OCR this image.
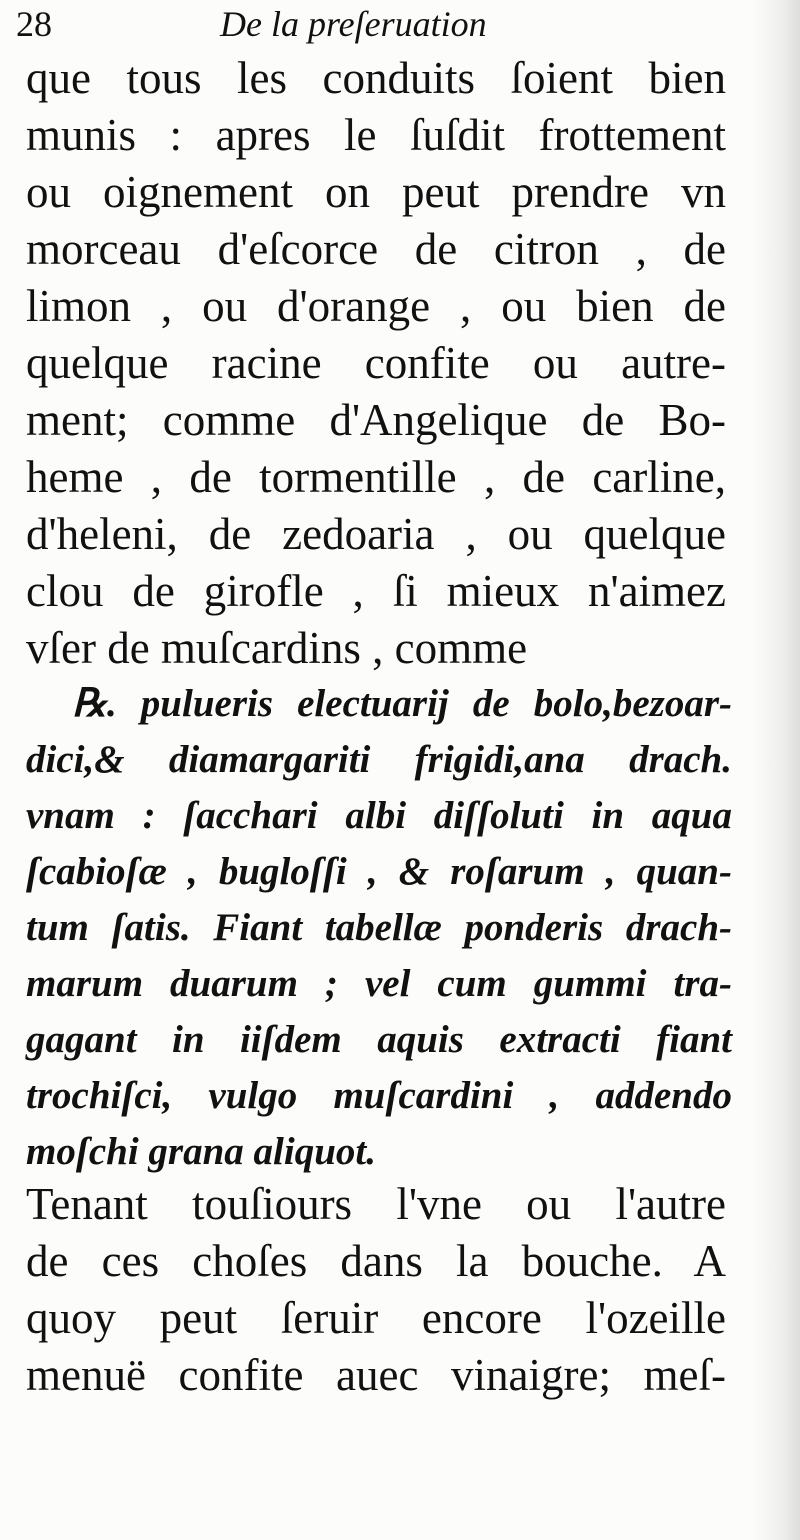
28	De la preſeruation
que tous les conduits ſoient bien
munis : apres le ſuſdit frottement
ou oignement on peut prendre vn
morceau d'eſcorce de citron , de
limon , ou d'orange , ou bien de
quelque racine confite ou autre-
ment; comme d'Angelique de Bo-
heme , de tormentille , de carline,
d'heleni, de zedoaria , ou quelque
clou de girofle , ſi mieux n'aimez
vſer de muſcardins , comme
℞. pulueris electuarij de bolo,bezoar-
dici,& diamargariti frigidi,ana drach.
vnam : ſacchari albi diſſoluti in aqua
ſcabioſæ , bugloſſi , & roſarum , quan-
tum ſatis. Fiant tabellæ ponderis drach-
marum duarum ; vel cum gummi tra-
gagant in iiſdem aquis extracti fiant
trochiſci, vulgo muſcardini , addendo
moſchi grana aliquot.
Tenant touſiours l'vne ou l'autre
de ces choſes dans la bouche. A
quoy peut ſeruir encore l'ozeille
menuë confite auec vinaigre; meſ-
